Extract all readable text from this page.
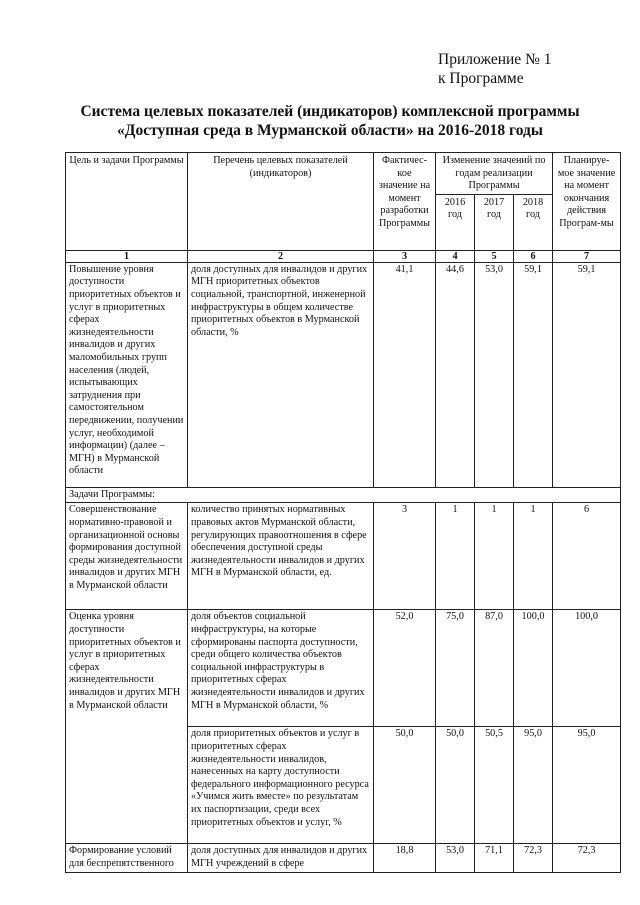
Приложение № 1
к Программе
Система целевых показателей (индикаторов) комплексной программы
«Доступная среда в Мурманской области» на 2016-2018 годы
Цель и задачи Программы	Перечень целевых показателей (индикаторов)	Фактичес-кое значение на момент разработки Программы	Изменение значений по годам реализации Программы			Планируе-мое значение на момент окончания действия Програм-мы
			2016 год	2017 год	2018 год	
1	2	3	4	5	6	7
Повышение уровня доступности приоритетных объектов и услуг в приоритетных сферах жизнедеятельности инвалидов и других маломобильных групп населения (людей, испытывающих затруднения при самостоятельном передвижении, получении услуг, необходимой информации) (далее – МГН) в Мурманской области	доля доступных для инвалидов и других МГН приоритетных объектов социальной, транспортной, инженерной инфраструктуры в общем количестве приоритетных объектов в Мурманской области, %	41,1	44,6	53,0	59,1	59,1
Задачи Программы:						
Совершенствование нормативно-правовой и организационной основы формирования доступной среды жизнедеятельности инвалидов и других МГН в Мурманской области	количество принятых нормативных правовых актов Мурманской области, регулирующих правоотношения в сфере обеспечения доступной среды жизнедеятельности инвалидов и других МГН в Мурманской области, ед.	3	1	1	1	6
Оценка уровня доступности приоритетных объектов и услуг в приоритетных сферах жизнедеятельности инвалидов и других МГН в Мурманской области	доля объектов социальной инфраструктуры, на которые сформированы паспорта доступности, среди общего количества объектов социальной инфраструктуры в приоритетных сферах жизнедеятельности инвалидов и других МГН в Мурманской области, %	52,0	75,0	87,0	100,0	100,0
	доля приоритетных объектов и услуг в приоритетных сферах жизнедеятельности инвалидов, нанесенных на карту доступности федерального информационного ресурса «Учимся жить вместе» по результатам их паспортизации, среди всех приоритетных объектов и услуг, %	50,0	50,0	50,5	95,0	95,0
Формирование условий для беспрепятственного	доля доступных для инвалидов и других МГН учреждений в сфере	18,8	53,0	71,1	72,3	72,3
